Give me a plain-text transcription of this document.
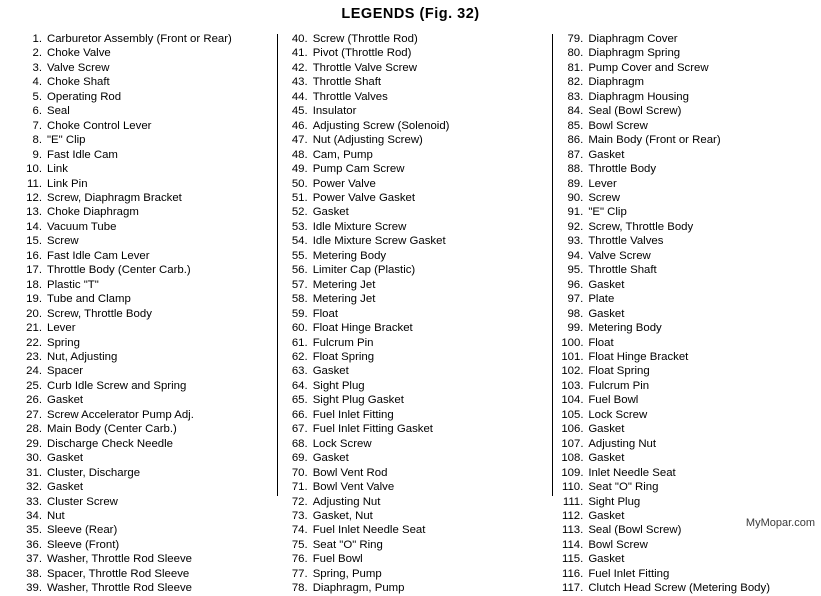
LEGENDS (Fig. 32)
1. Carburetor Assembly (Front or Rear)
2. Choke Valve
3. Valve Screw
4. Choke Shaft
5. Operating Rod
6. Seal
7. Choke Control Lever
8. "E" Clip
9. Fast Idle Cam
10. Link
11. Link Pin
12. Screw, Diaphragm Bracket
13. Choke Diaphragm
14. Vacuum Tube
15. Screw
16. Fast Idle Cam Lever
17. Throttle Body (Center Carb.)
18. Plastic "T"
19. Tube and Clamp
20. Screw, Throttle Body
21. Lever
22. Spring
23. Nut, Adjusting
24. Spacer
25. Curb Idle Screw and Spring
26. Gasket
27. Screw Accelerator Pump Adj.
28. Main Body (Center Carb.)
29. Discharge Check Needle
30. Gasket
31. Cluster, Discharge
32. Gasket
33. Cluster Screw
34. Nut
35. Sleeve (Rear)
36. Sleeve (Front)
37. Washer, Throttle Rod Sleeve
38. Spacer, Throttle Rod Sleeve
39. Washer, Throttle Rod Sleeve
40. Screw (Throttle Rod)
41. Pivot (Throttle Rod)
42. Throttle Valve Screw
43. Throttle Shaft
44. Throttle Valves
45. Insulator
46. Adjusting Screw (Solenoid)
47. Nut (Adjusting Screw)
48. Cam, Pump
49. Pump Cam Screw
50. Power Valve
51. Power Valve Gasket
52. Gasket
53. Idle Mixture Screw
54. Idle Mixture Screw Gasket
55. Metering Body
56. Limiter Cap (Plastic)
57. Metering Jet
58. Metering Jet
59. Float
60. Float Hinge Bracket
61. Fulcrum Pin
62. Float Spring
63. Gasket
64. Sight Plug
65. Sight Plug Gasket
66. Fuel Inlet Fitting
67. Fuel Inlet Fitting Gasket
68. Lock Screw
69. Gasket
70. Bowl Vent Rod
71. Bowl Vent Valve
72. Adjusting Nut
73. Gasket, Nut
74. Fuel Inlet Needle Seat
75. Seat "O" Ring
76. Fuel Bowl
77. Spring, Pump
78. Diaphragm, Pump
79. Diaphragm Cover
80. Diaphragm Spring
81. Pump Cover and Screw
82. Diaphragm
83. Diaphragm Housing
84. Seal (Bowl Screw)
85. Bowl Screw
86. Main Body (Front or Rear)
87. Gasket
88. Throttle Body
89. Lever
90. Screw
91. "E" Clip
92. Screw, Throttle Body
93. Throttle Valves
94. Valve Screw
95. Throttle Shaft
96. Gasket
97. Plate
98. Gasket
99. Metering Body
100. Float
101. Float Hinge Bracket
102. Float Spring
103. Fulcrum Pin
104. Fuel Bowl
105. Lock Screw
106. Gasket
107. Adjusting Nut
108. Gasket
109. Inlet Needle Seat
110. Seat "O" Ring
111. Sight Plug
112. Gasket
113. Seal (Bowl Screw)
114. Bowl Screw
115. Gasket
116. Fuel Inlet Fitting
117. Clutch Head Screw (Metering Body)
MyMopar.com
